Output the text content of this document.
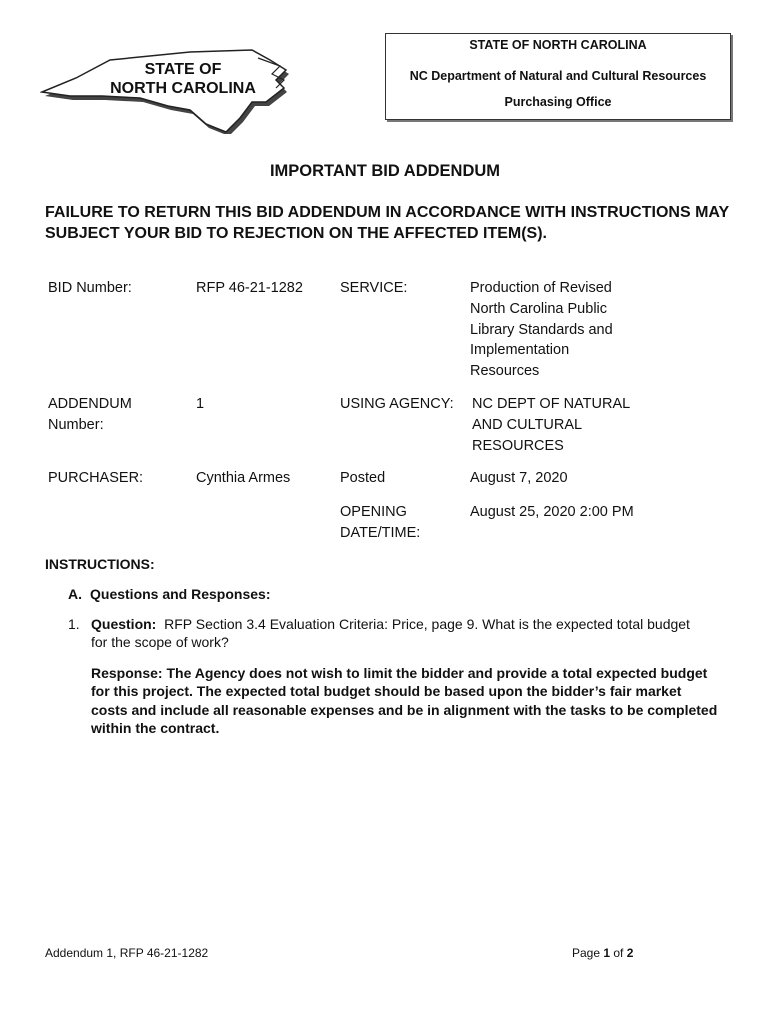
STATE OF
NORTH CAROLINA
STATE OF NORTH CAROLINA
NC Department of Natural and Cultural Resources
Purchasing Office
IMPORTANT BID ADDENDUM
FAILURE TO RETURN THIS BID ADDENDUM IN ACCORDANCE WITH INSTRUCTIONS MAY SUBJECT YOUR BID TO REJECTION ON THE AFFECTED ITEM(S).
BID Number:	RFP 46-21-1282	SERVICE:	Production of Revised
North Carolina Public
Library Standards and
Implementation
Resources
ADDENDUM
Number:
1	USING AGENCY: NC DEPT OF NATURAL
AND CULTURAL
RESOURCES
PURCHASER:	Cynthia Armes	Posted	August 7, 2020
OPENING
DATE/TIME:
August 25, 2020 2:00 PM
INSTRUCTIONS:
A. Questions and Responses:
1. Question:  RFP Section 3.4 Evaluation Criteria: Price, page 9. What is the expected total budget for the scope of work?
Response: The Agency does not wish to limit the bidder and provide a total expected budget for this project. The expected total budget should be based upon the bidder’s fair market costs and include all reasonable expenses and be in alignment with the tasks to be completed within the contract.
Addendum 1, RFP 46-21-1282	Page 1 of 2
